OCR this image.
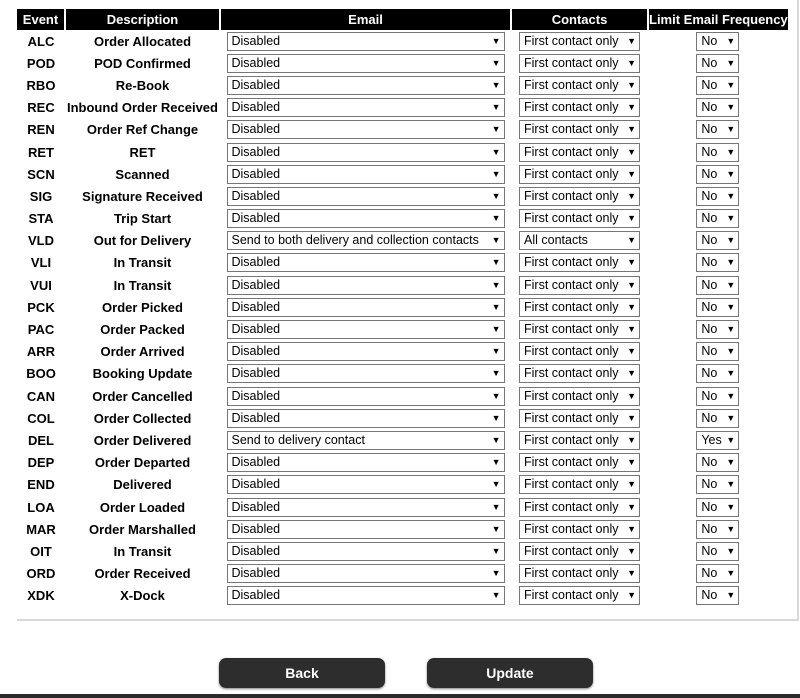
Event	Description	Email	Contacts	Limit Email Frequency
ALC	Order Allocated	Disabled ▼	First contact only ▼	No ▼

POD	POD Confirmed	Disabled ▼	First contact only ▼	No ▼

RBO	Re-Book	Disabled ▼	First contact only ▼	No ▼

REC	Inbound Order Received	Disabled ▼	First contact only ▼	No ▼

REN	Order Ref Change	Disabled ▼	First contact only ▼	No ▼

RET	RET	Disabled ▼	First contact only ▼	No ▼

SCN	Scanned	Disabled ▼	First contact only ▼	No ▼

SIG	Signature Received	Disabled ▼	First contact only ▼	No ▼

STA	Trip Start	Disabled ▼	First contact only ▼	No ▼

VLD	Out for Delivery	Send to both delivery and collection contacts ▼	All contacts ▼	No ▼

VLI	In Transit	Disabled ▼	First contact only ▼	No ▼

VUI	In Transit	Disabled ▼	First contact only ▼	No ▼

PCK	Order Picked	Disabled ▼	First contact only ▼	No ▼

PAC	Order Packed	Disabled ▼	First contact only ▼	No ▼

ARR	Order Arrived	Disabled ▼	First contact only ▼	No ▼

BOO	Booking Update	Disabled ▼	First contact only ▼	No ▼

CAN	Order Cancelled	Disabled ▼	First contact only ▼	No ▼

COL	Order Collected	Disabled ▼	First contact only ▼	No ▼

DEL	Order Delivered	Send to delivery contact ▼	First contact only ▼	Yes ▼

DEP	Order Departed	Disabled ▼	First contact only ▼	No ▼

END	Delivered	Disabled ▼	First contact only ▼	No ▼

LOA	Order Loaded	Disabled ▼	First contact only ▼	No ▼

MAR	Order Marshalled	Disabled ▼	First contact only ▼	No ▼

OIT	In Transit	Disabled ▼	First contact only ▼	No ▼

ORD	Order Received	Disabled ▼	First contact only ▼	No ▼

XDK	X-Dock	Disabled ▼	First contact only ▼	No ▼
Back	Update
